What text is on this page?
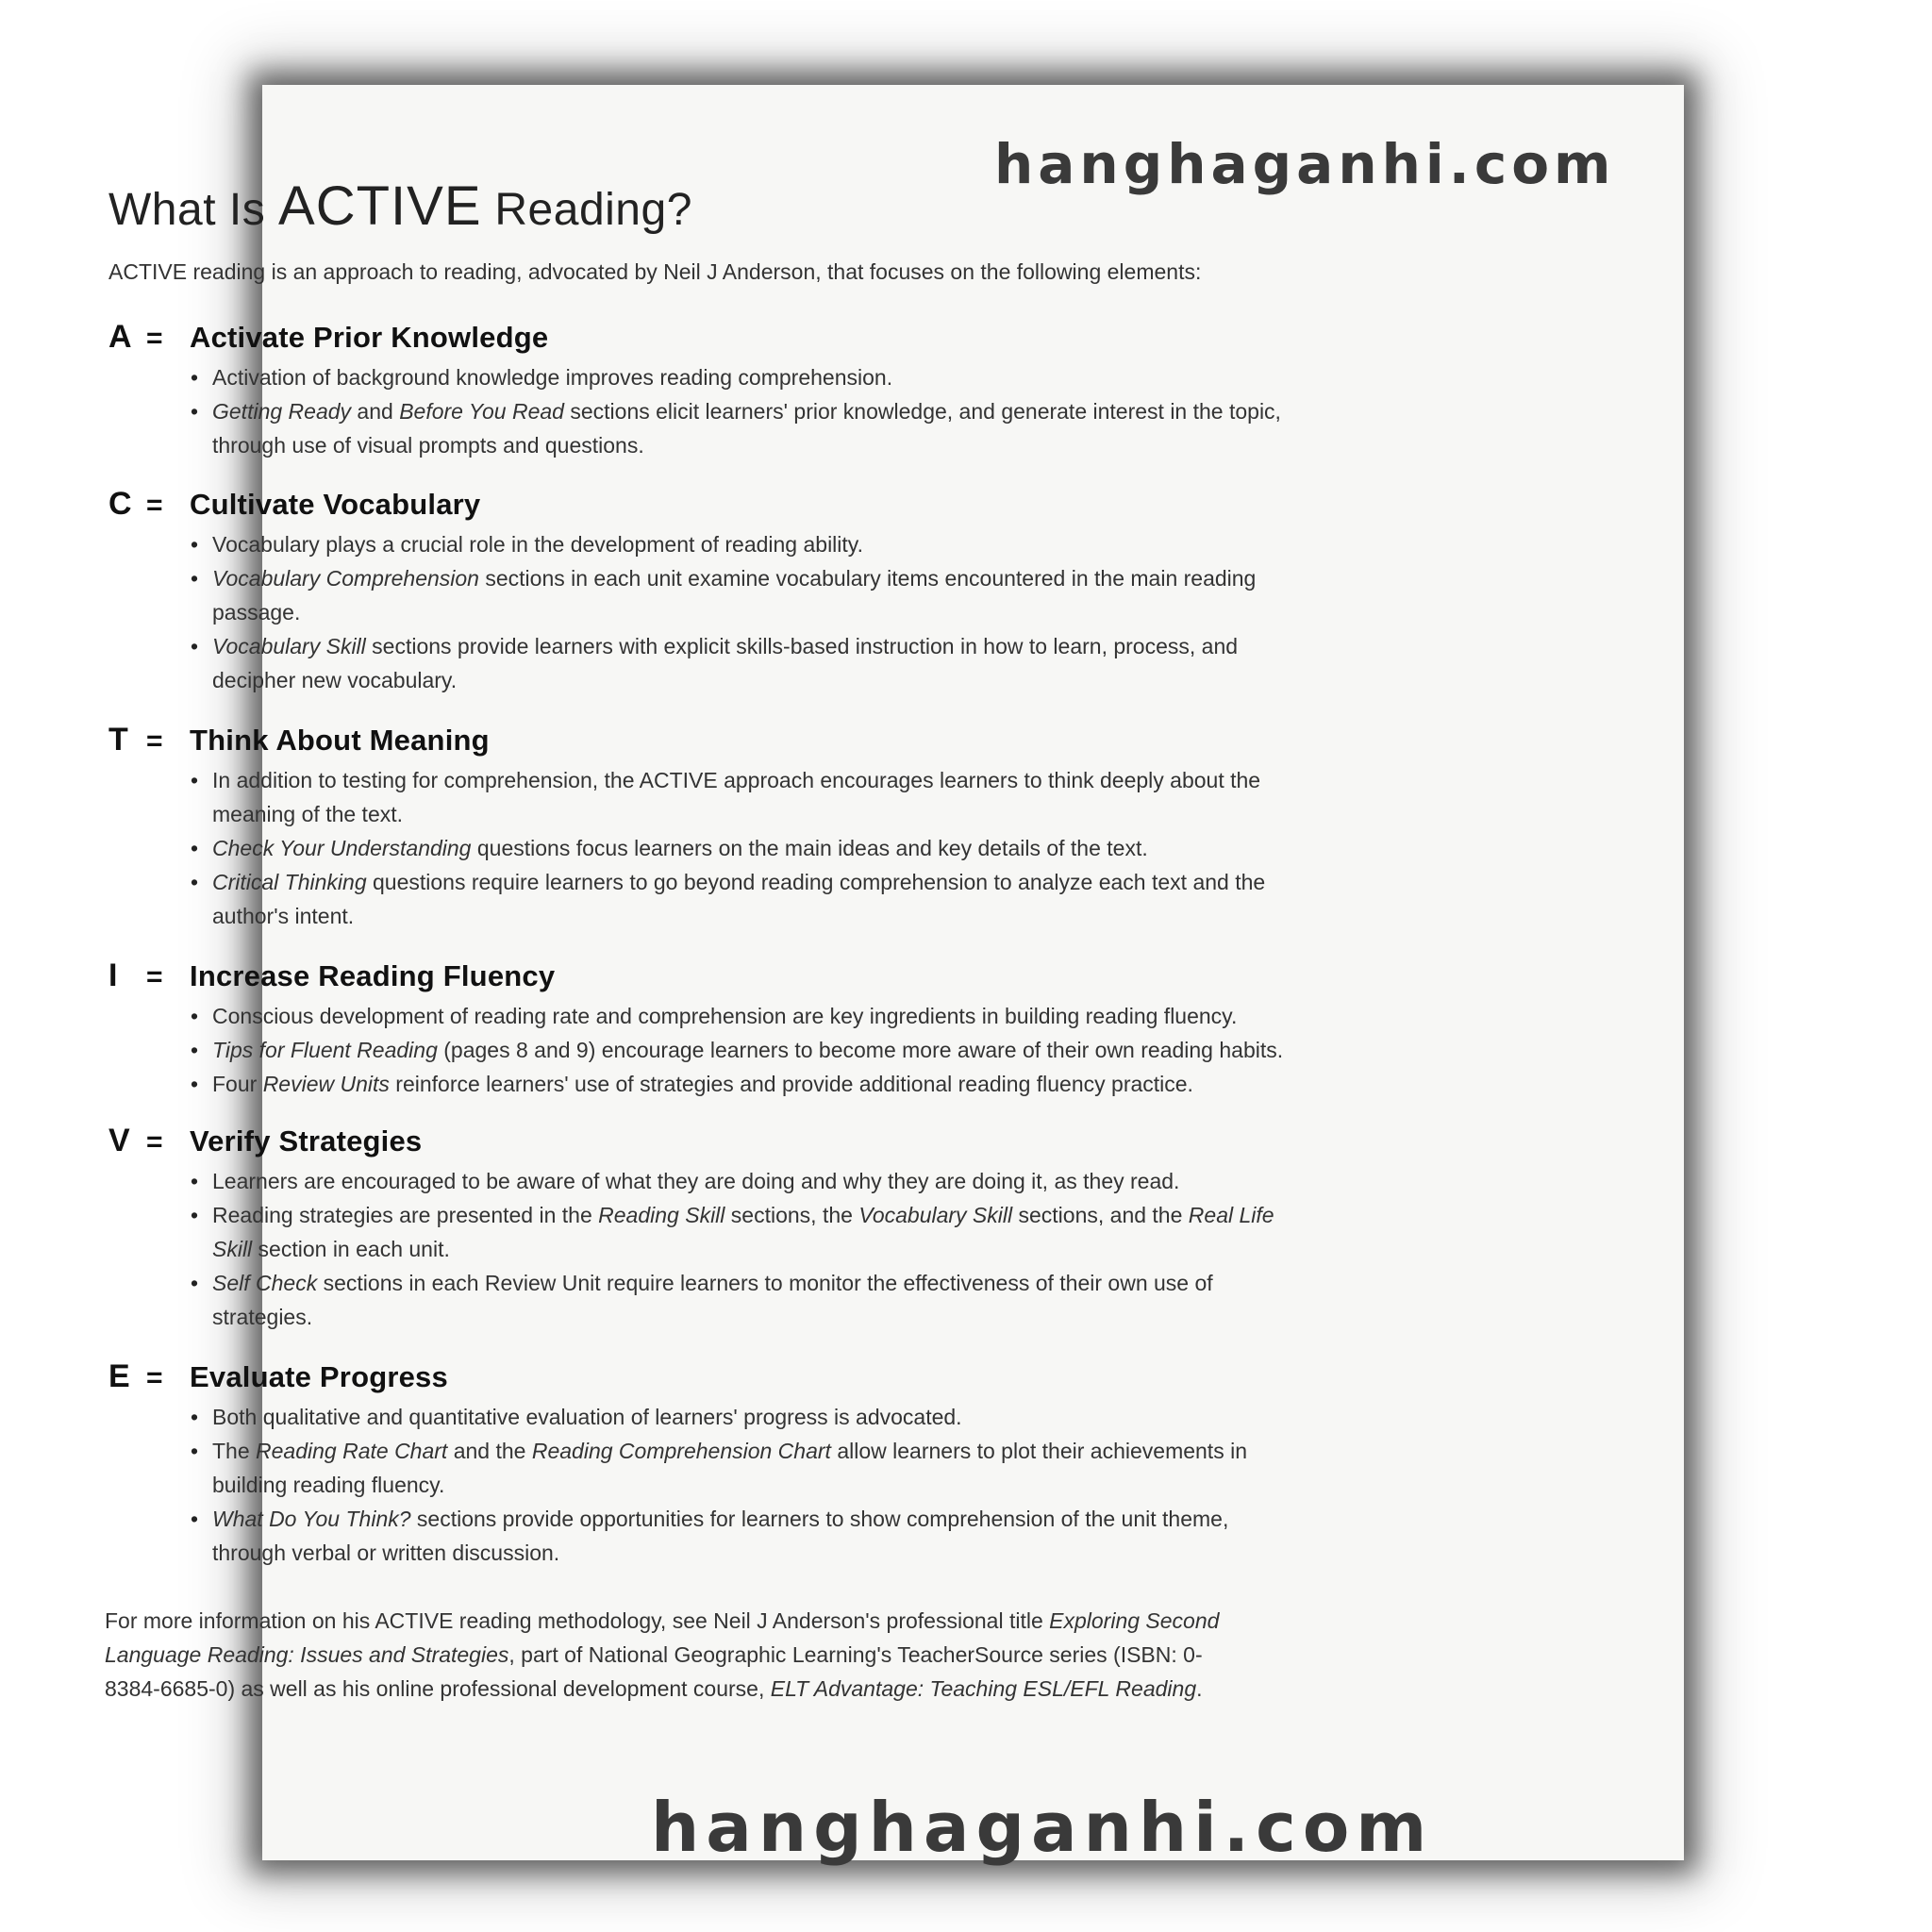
What Is ACTIVE Reading?
ACTIVE reading is an approach to reading, advocated by Neil J Anderson, that focuses on the following elements:
A = Activate Prior Knowledge
• Activation of background knowledge improves reading comprehension.
• Getting Ready and Before You Read sections elicit learners' prior knowledge, and generate interest in the topic, through use of visual prompts and questions.
C = Cultivate Vocabulary
• Vocabulary plays a crucial role in the development of reading ability.
• Vocabulary Comprehension sections in each unit examine vocabulary items encountered in the main reading passage.
• Vocabulary Skill sections provide learners with explicit skills-based instruction in how to learn, process, and decipher new vocabulary.
T = Think About Meaning
• In addition to testing for comprehension, the ACTIVE approach encourages learners to think deeply about the meaning of the text.
• Check Your Understanding questions focus learners on the main ideas and key details of the text.
• Critical Thinking questions require learners to go beyond reading comprehension to analyze each text and the author's intent.
I	= Increase Reading Fluency
• Conscious development of reading rate and comprehension are key ingredients in building reading fluency.
• Tips for Fluent Reading (pages 8 and 9) encourage learners to become more aware of their own reading habits.
• Four Review Units reinforce learners' use of strategies and provide additional reading fluency practice.
V = Verify Strategies
• Learners are encouraged to be aware of what they are doing and why they are doing it, as they read.
• Reading strategies are presented in the Reading Skill sections, the Vocabulary Skill sections, and the Real Life Skill section in each unit.
• Self Check sections in each Review Unit require learners to monitor the effectiveness of their own use of strategies.
E = Evaluate Progress
• Both qualitative and quantitative evaluation of learners' progress is advocated.
• The Reading Rate Chart and the Reading Comprehension Chart allow learners to plot their achievements in building reading fluency.
• What Do You Think? sections provide opportunities for learners to show comprehension of the unit theme, through verbal or written discussion.
For more information on his ACTIVE reading methodology, see Neil J Anderson's professional title Exploring Second Language Reading: Issues and Strategies, part of National Geographic Learning's TeacherSource series (ISBN: 0-8384-6685-0) as well as his online professional development course, ELT Advantage: Teaching ESL/EFL Reading.
hanghaganhi.com
hanghaganhi.com
